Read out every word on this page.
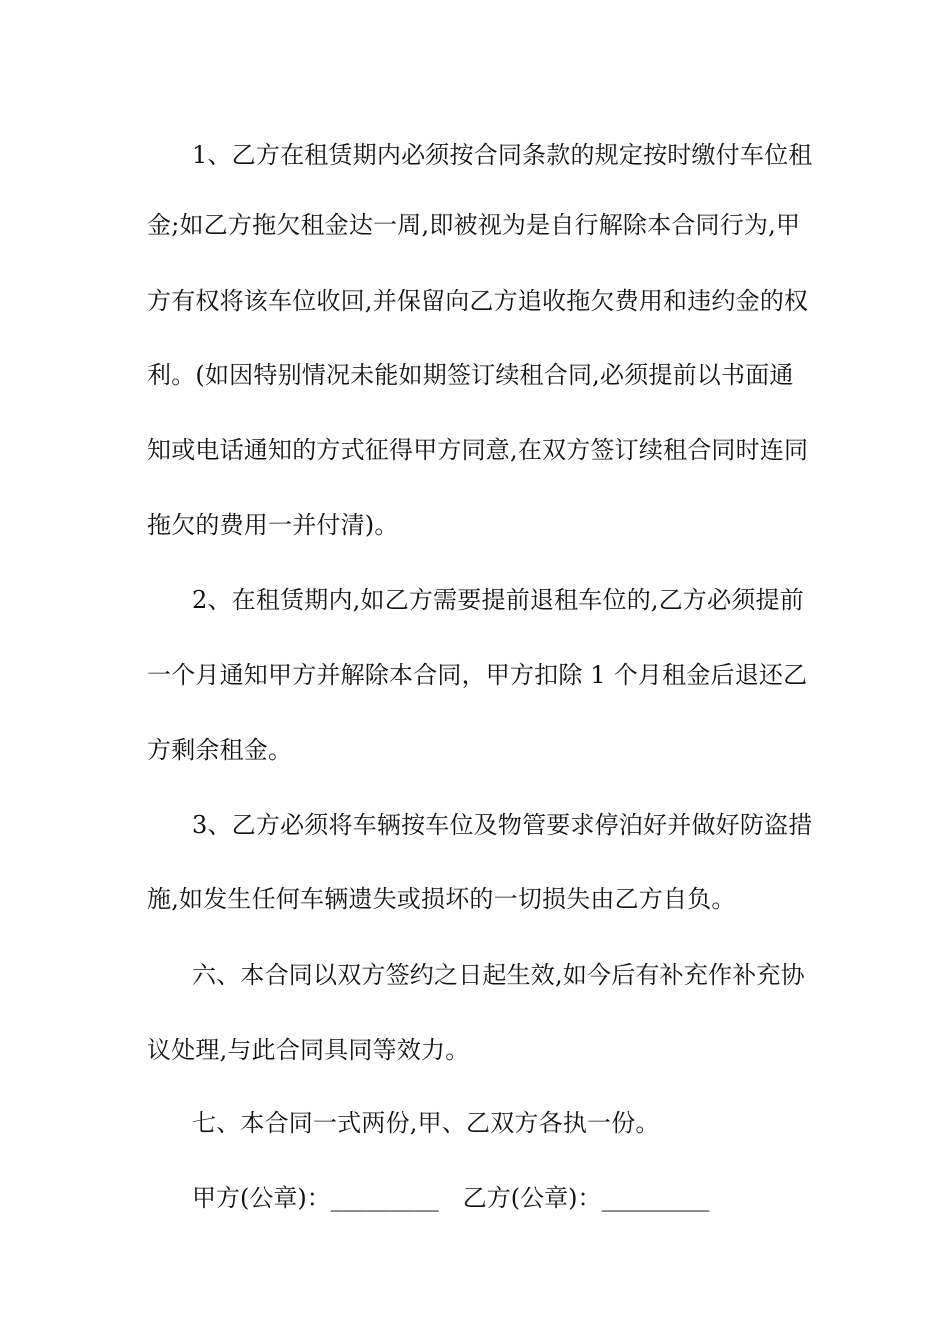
1、乙方在租赁期内必须按合同条款的规定按时缴付车位租
金;如乙方拖欠租金达一周,即被视为是自行解除本合同行为,甲
方有权将该车位收回,并保留向乙方追收拖欠费用和违约金的权
利。(如因特别情况未能如期签订续租合同,必须提前以书面通
知或电话通知的方式征得甲方同意,在双方签订续租合同时连同
拖欠的费用一并付清)。
2、在租赁期内,如乙方需要提前退租车位的,乙方必须提前
一个月通知甲方并解除本合同，甲方扣除 1 个月租金后退还乙
方剩余租金。
3、乙方必须将车辆按车位及物管要求停泊好并做好防盗措
施,如发生任何车辆遗失或损坏的一切损失由乙方自负。
六、本合同以双方签约之日起生效,如今后有补充作补充协
议处理,与此合同具同等效力。
七、本合同一式两份,甲、乙双方各执一份。
甲方(公章)：_________ 乙方(公章)：_________
